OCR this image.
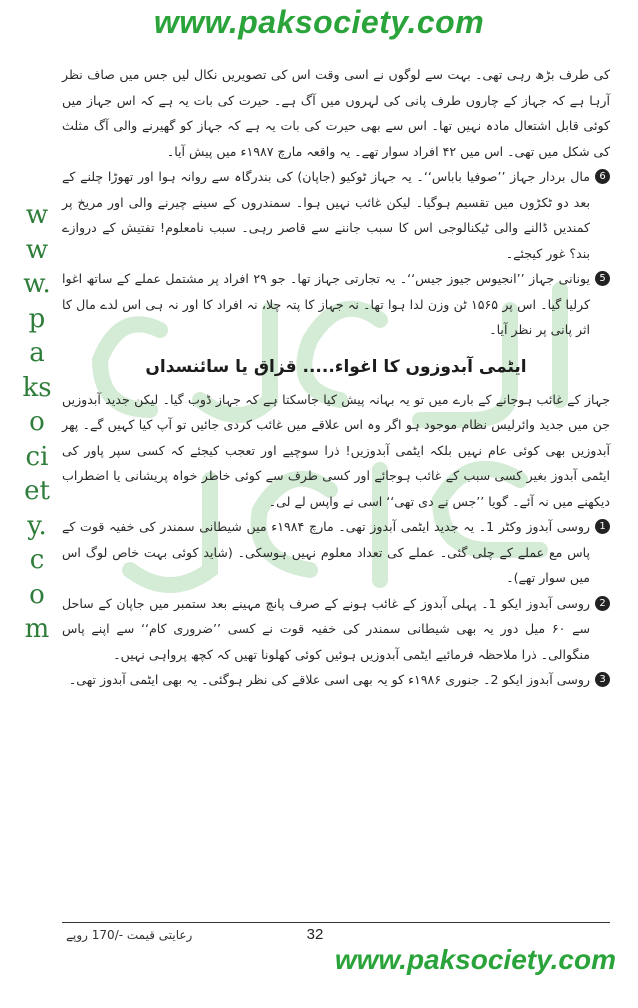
www.paksociety.com
www.paksociety.com

کی طرف بڑھ رہی تھی۔ بہت سے لوگوں نے اسی وقت اس کی تصویریں نکال لیں جس میں صاف نظر آرہا ہے کہ جہاز کے چاروں طرف پانی کی لہروں میں آگ ہے۔ حیرت کی بات یہ ہے کہ اس جہاز میں کوئی قابل اشتعال مادہ نہیں تھا۔ اس سے بھی حیرت کی بات یہ ہے کہ جہاز کو گھیرنے والی آگ مثلث کی شکل میں تھی۔ اس میں ۴۲ افراد سوار تھے۔ یہ واقعہ مارچ ۱۹۸۷ء میں پیش آیا۔

6

مال بردار جہاز ’’صوفیا باباس‘‘۔ یہ جہاز ٹوکیو (جاپان) کی بندرگاہ سے روانہ ہوا اور تھوڑا چلنے کے بعد دو ٹکڑوں میں تقسیم ہوگیا۔ لیکن غائب نہیں ہوا۔ سمندروں کے سینے چیرنے والی اور مریخ پر کمندیں ڈالنے والی ٹیکنالوجی اس کا سبب جاننے سے قاصر رہی۔ سبب نامعلوم! تفتیش کے دروازے بند؟ غور کیجئے۔

5

یونانی جہاز ’’انجیوس جیوز جیس‘‘۔ یہ تجارتی جہاز تھا۔ جو ۲۹ افراد پر مشتمل عملے کے ساتھ اغوا کرلیا گیا۔ اس پر ۱۵۶۵ ٹن وزن لدا ہوا تھا۔ نہ جہاز کا پتہ چلا، نہ افراد کا اور نہ ہی اس لدے مال کا اثر پانی پر نظر آیا۔

ایٹمی آبدوزوں کا اغواء..... قزاق یا سائنسداں

جہاز کے غائب ہوجانے کے بارے میں تو یہ بہانہ پیش کیا جاسکتا ہے کہ جہاز ڈوب گیا۔ لیکن جدید آبدوزیں جن میں جدید وائرلیس نظام موجود ہو اگر وہ اس علاقے میں غائب کردی جائیں تو آپ کیا کہیں گے۔ پھر آبدوزیں بھی کوئی عام نہیں بلکہ ایٹمی آبدوزیں! ذرا سوچیے اور تعجب کیجئے کہ کسی سپر پاور کی ایٹمی آبدوز بغیر کسی سبب کے غائب ہوجائے اور کسی طرف سے کوئی خاطر خواہ پریشانی یا اضطراب دیکھنے میں نہ آئے۔ گویا ’’جس نے دی تھی‘‘ اسی نے واپس لے لی۔

1

روسی آبدوز وکٹر 1۔ یہ جدید ایٹمی آبدوز تھی۔ مارچ ۱۹۸۴ء میں شیطانی سمندر کی خفیہ قوت کے پاس مع عملے کے چلی گئی۔ عملے کی تعداد معلوم نہیں ہوسکی۔ (شاید کوئی بہت خاص لوگ اس میں سوار تھے)۔

2

روسی آبدوز ایکو 1۔ پہلی آبدوز کے غائب ہونے کے صرف پانچ مہینے بعد ستمبر میں جاپان کے ساحل سے ۶۰ میل دور یہ بھی شیطانی سمندر کی خفیہ قوت نے کسی ’’ضروری کام‘‘ سے اپنے پاس منگوالی۔ ذرا ملاحظہ فرمائیے ایٹمی آبدوزیں ہوئیں کوئی کھلونا تھیں کہ کچھ پرواہی نہیں۔

3

روسی آبدوز ایکو 2۔ جنوری ۱۹۸۶ء کو یہ بھی اسی علاقے کی نظر ہوگئی۔ یہ بھی ایٹمی آبدوز تھی۔

32
رعایتی قیمت -/170 روپے
www.paksociety.com
